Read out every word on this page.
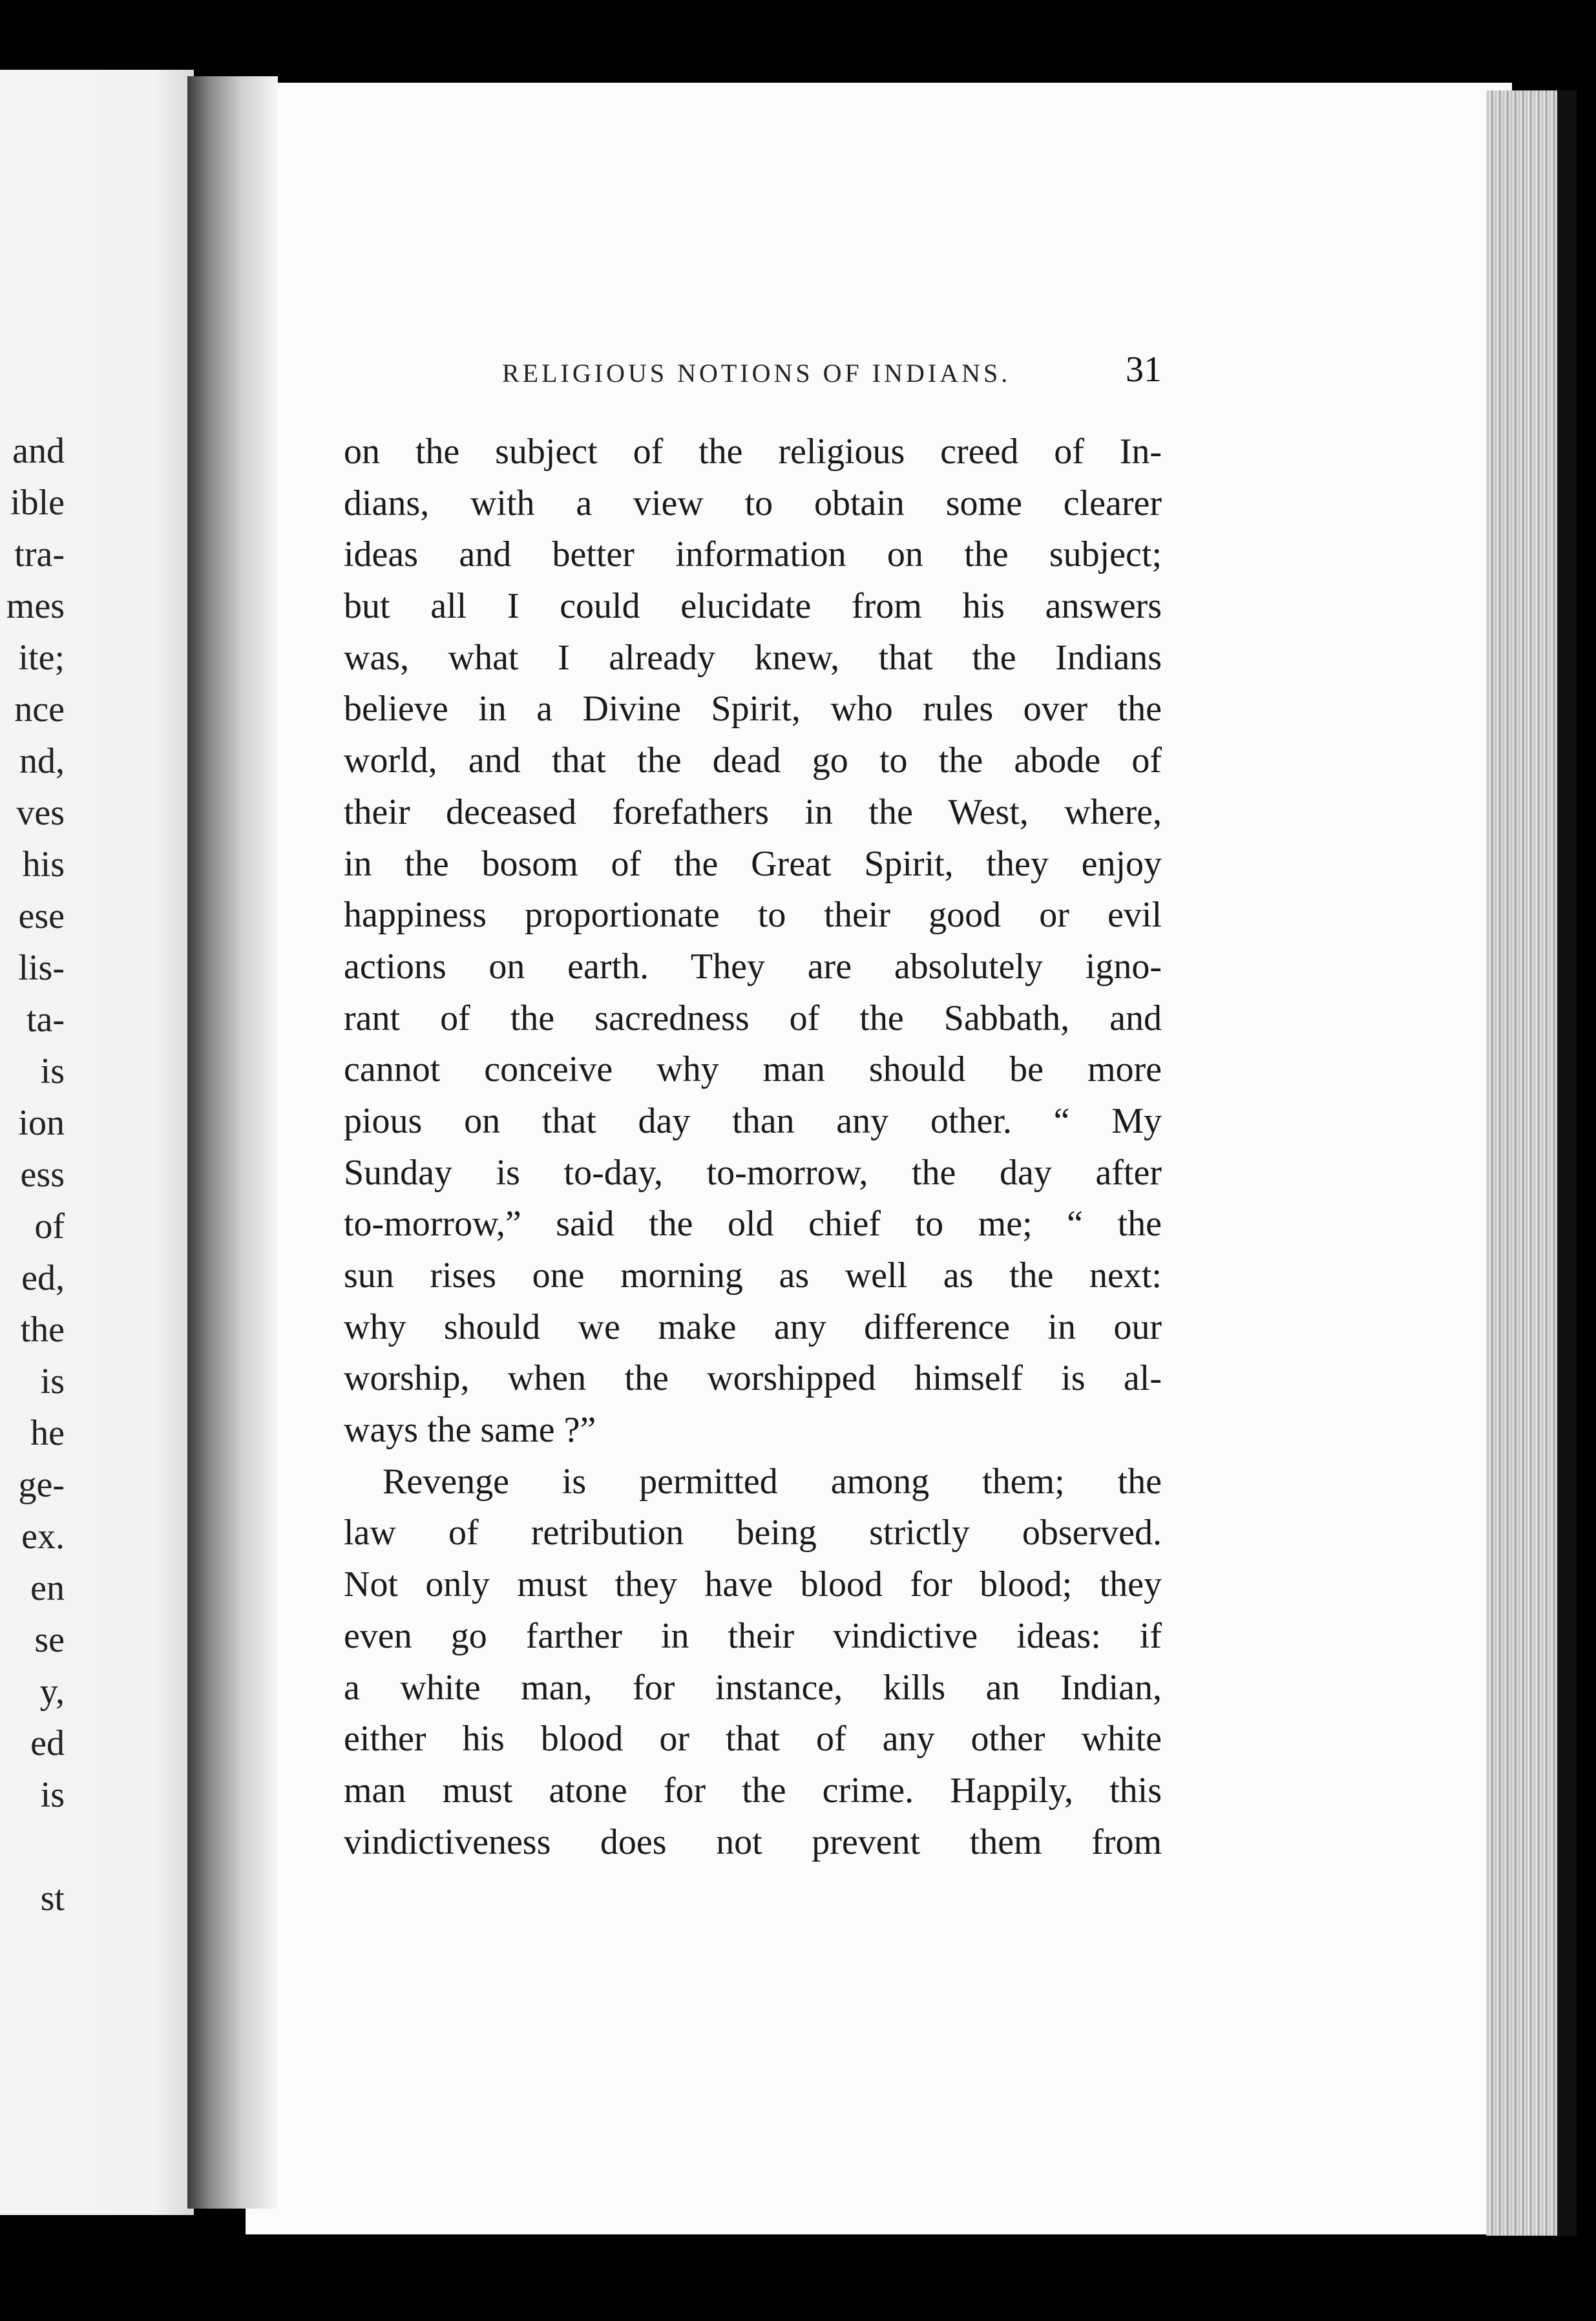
and
ible
tra-
mes
ite;
nce
nd,
ves
his
ese
lis-
ta-
is
ion
ess
of
ed,
the
is
he
ge-
ex.
en
se
y,
ed
is
st
RELIGIOUS NOTIONS OF INDIANS.	31
on the subject of the religious creed of In-
dians, with a view to obtain some clearer
ideas and better information on the subject;
but all I could elucidate from his answers
was, what I already knew, that the Indians
believe in a Divine Spirit, who rules over the
world, and that the dead go to the abode of
their deceased forefathers in the West, where,
in the bosom of the Great Spirit, they enjoy
happiness proportionate to their good or evil
actions on earth. They are absolutely igno-
rant of the sacredness of the Sabbath, and
cannot conceive why man should be more
pious on that day than any other. “ My
Sunday is to-day, to-morrow, the day after
to-morrow,” said the old chief to me; “ the
sun rises one morning as well as the next:
why should we make any difference in our
worship, when the worshipped himself is al-
ways the same ?”
Revenge is permitted among them; the
law of retribution being strictly observed.
Not only must they have blood for blood; they
even go farther in their vindictive ideas: if
a white man, for instance, kills an Indian,
either his blood or that of any other white
man must atone for the crime. Happily, this
vindictiveness does not prevent them from
